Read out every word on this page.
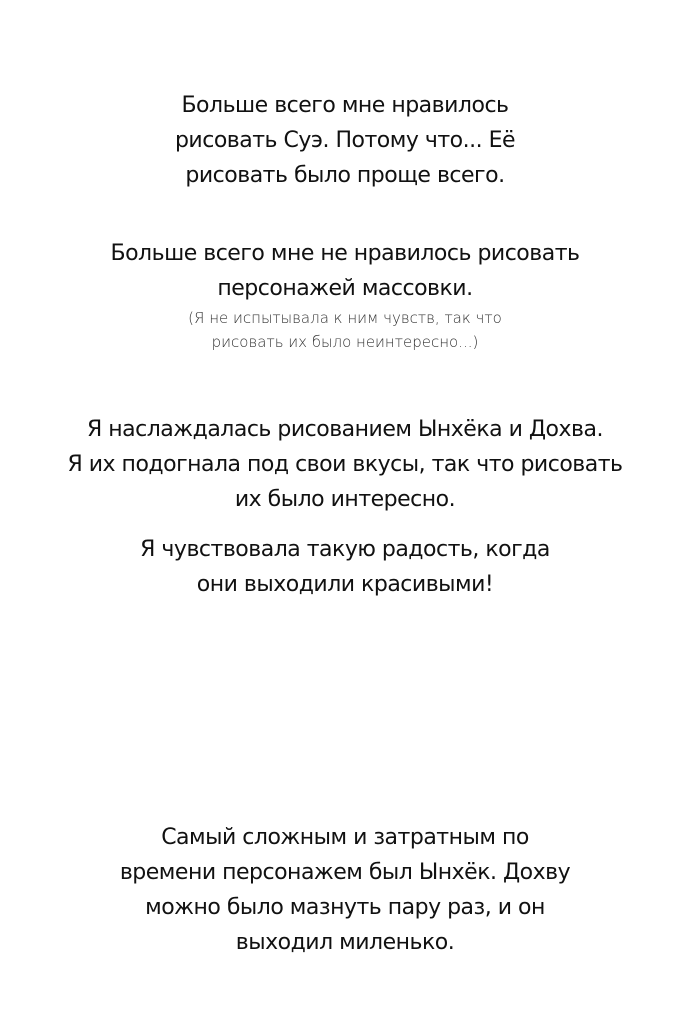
Больше всего мне нравилось
рисовать Суэ. Потому что... Её
рисовать было проще всего.
Больше всего мне не нравилось рисовать
персонажей массовки.
(Я не испытывала к ним чувств, так что
рисовать их было неинтересно...)
Я наслаждалась рисованием Ынхёка и Дохва.
Я их подогнала под свои вкусы, так что рисовать
их было интересно.
Я чувствовала такую радость, когда
они выходили красивыми!
Самый сложным и затратным по
времени персонажем был Ынхёк. Дохву
можно было мазнуть пару раз, и он
выходил миленько.
